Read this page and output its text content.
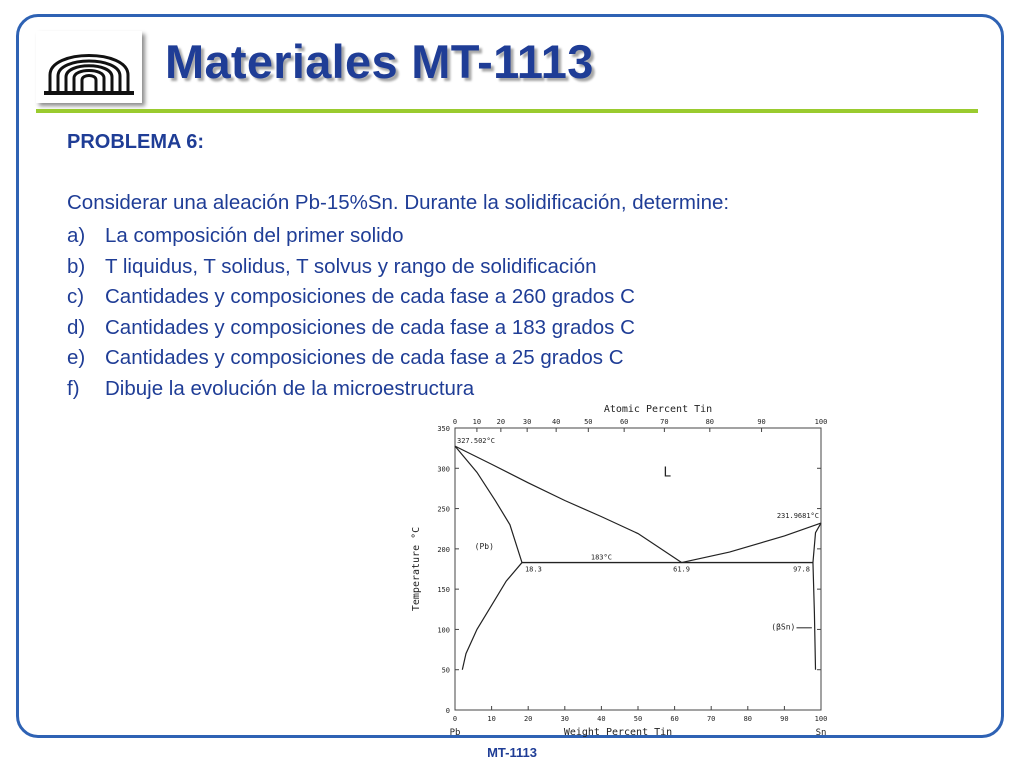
Materiales MT-1113
PROBLEMA 6:
Considerar una aleación Pb-15%Sn. Durante la solidificación, determine:
a) La composición del primer solido
b) T liquidus, T solidus, T solvus y rango de solidificación
c) Cantidades y composiciones de cada fase a 260 grados C
d) Cantidades y composiciones de cada fase a 183 grados C
e) Cantidades y composiciones de cada fase a 25 grados C
f) Dibuje la evolución de la microestructura
0
50
100
150
200
250
300
350
0	10	20	30	40	50	60	70	80	90	100
0 10 20	30	40	50	60	70	80	90	100
Atomic Percent Tin
Weight Percent Tin
Temperature °C
Pb	Sn
327.502°C
231.9681°C
183°C
18.3	61.9	97.8
L
(Pb)
(βSn)
MT-1113
